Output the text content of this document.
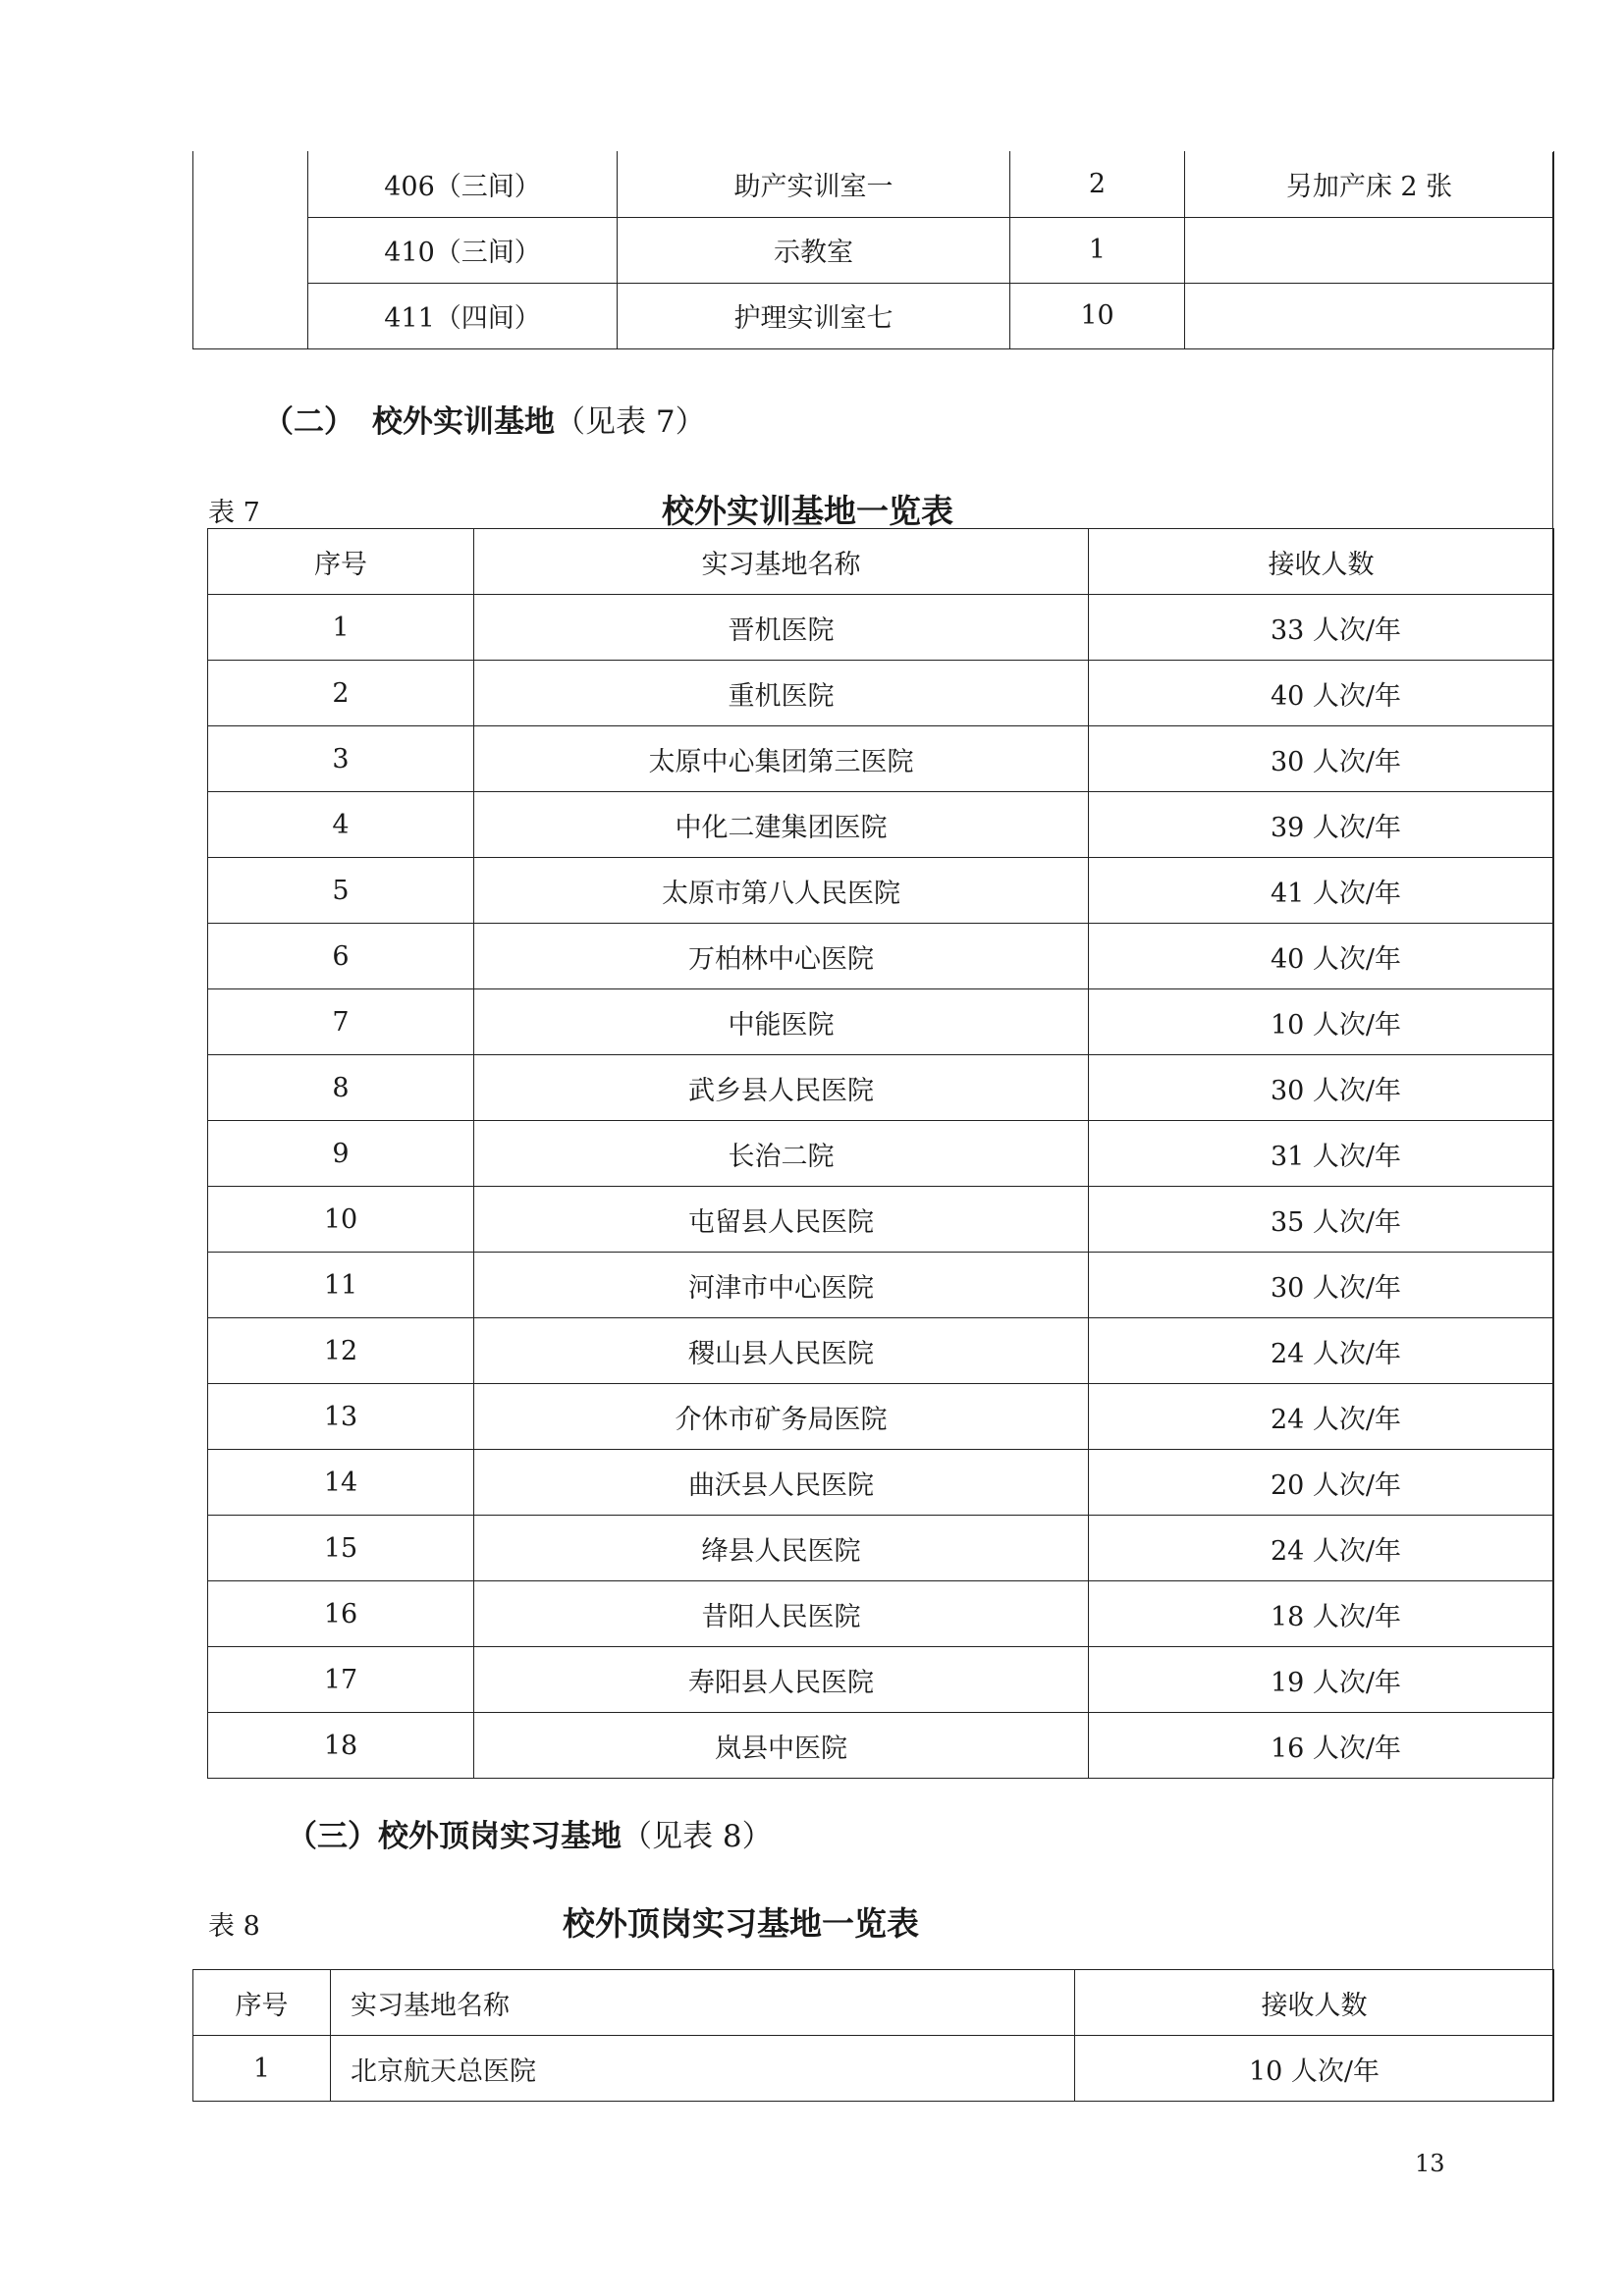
	406（三间）	助产实训室一	2	另加产床 2 张
	410（三间）	示教室	1	
	411（四间）	护理实训室七	10	
（二） 校外实训基地（见表 7）
表 7	校外实训基地一览表
序号	实习基地名称	接收人数
1	晋机医院	33 人次/年
2	重机医院	40 人次/年
3	太原中心集团第三医院	30 人次/年
4	中化二建集团医院	39 人次/年
5	太原市第八人民医院	41 人次/年
6	万柏林中心医院	40 人次/年
7	中能医院	10 人次/年
8	武乡县人民医院	30 人次/年
9	长治二院	31 人次/年
10	屯留县人民医院	35 人次/年
11	河津市中心医院	30 人次/年
12	稷山县人民医院	24 人次/年
13	介休市矿务局医院	24 人次/年
14	曲沃县人民医院	20 人次/年
15	绛县人民医院	24 人次/年
16	昔阳人民医院	18 人次/年
17	寿阳县人民医院	19 人次/年
18	岚县中医院	16 人次/年
（三）校外顶岗实习基地（见表 8）
表 8	校外顶岗实习基地一览表
序号	实习基地名称	接收人数
1	北京航天总医院	10 人次/年
13
